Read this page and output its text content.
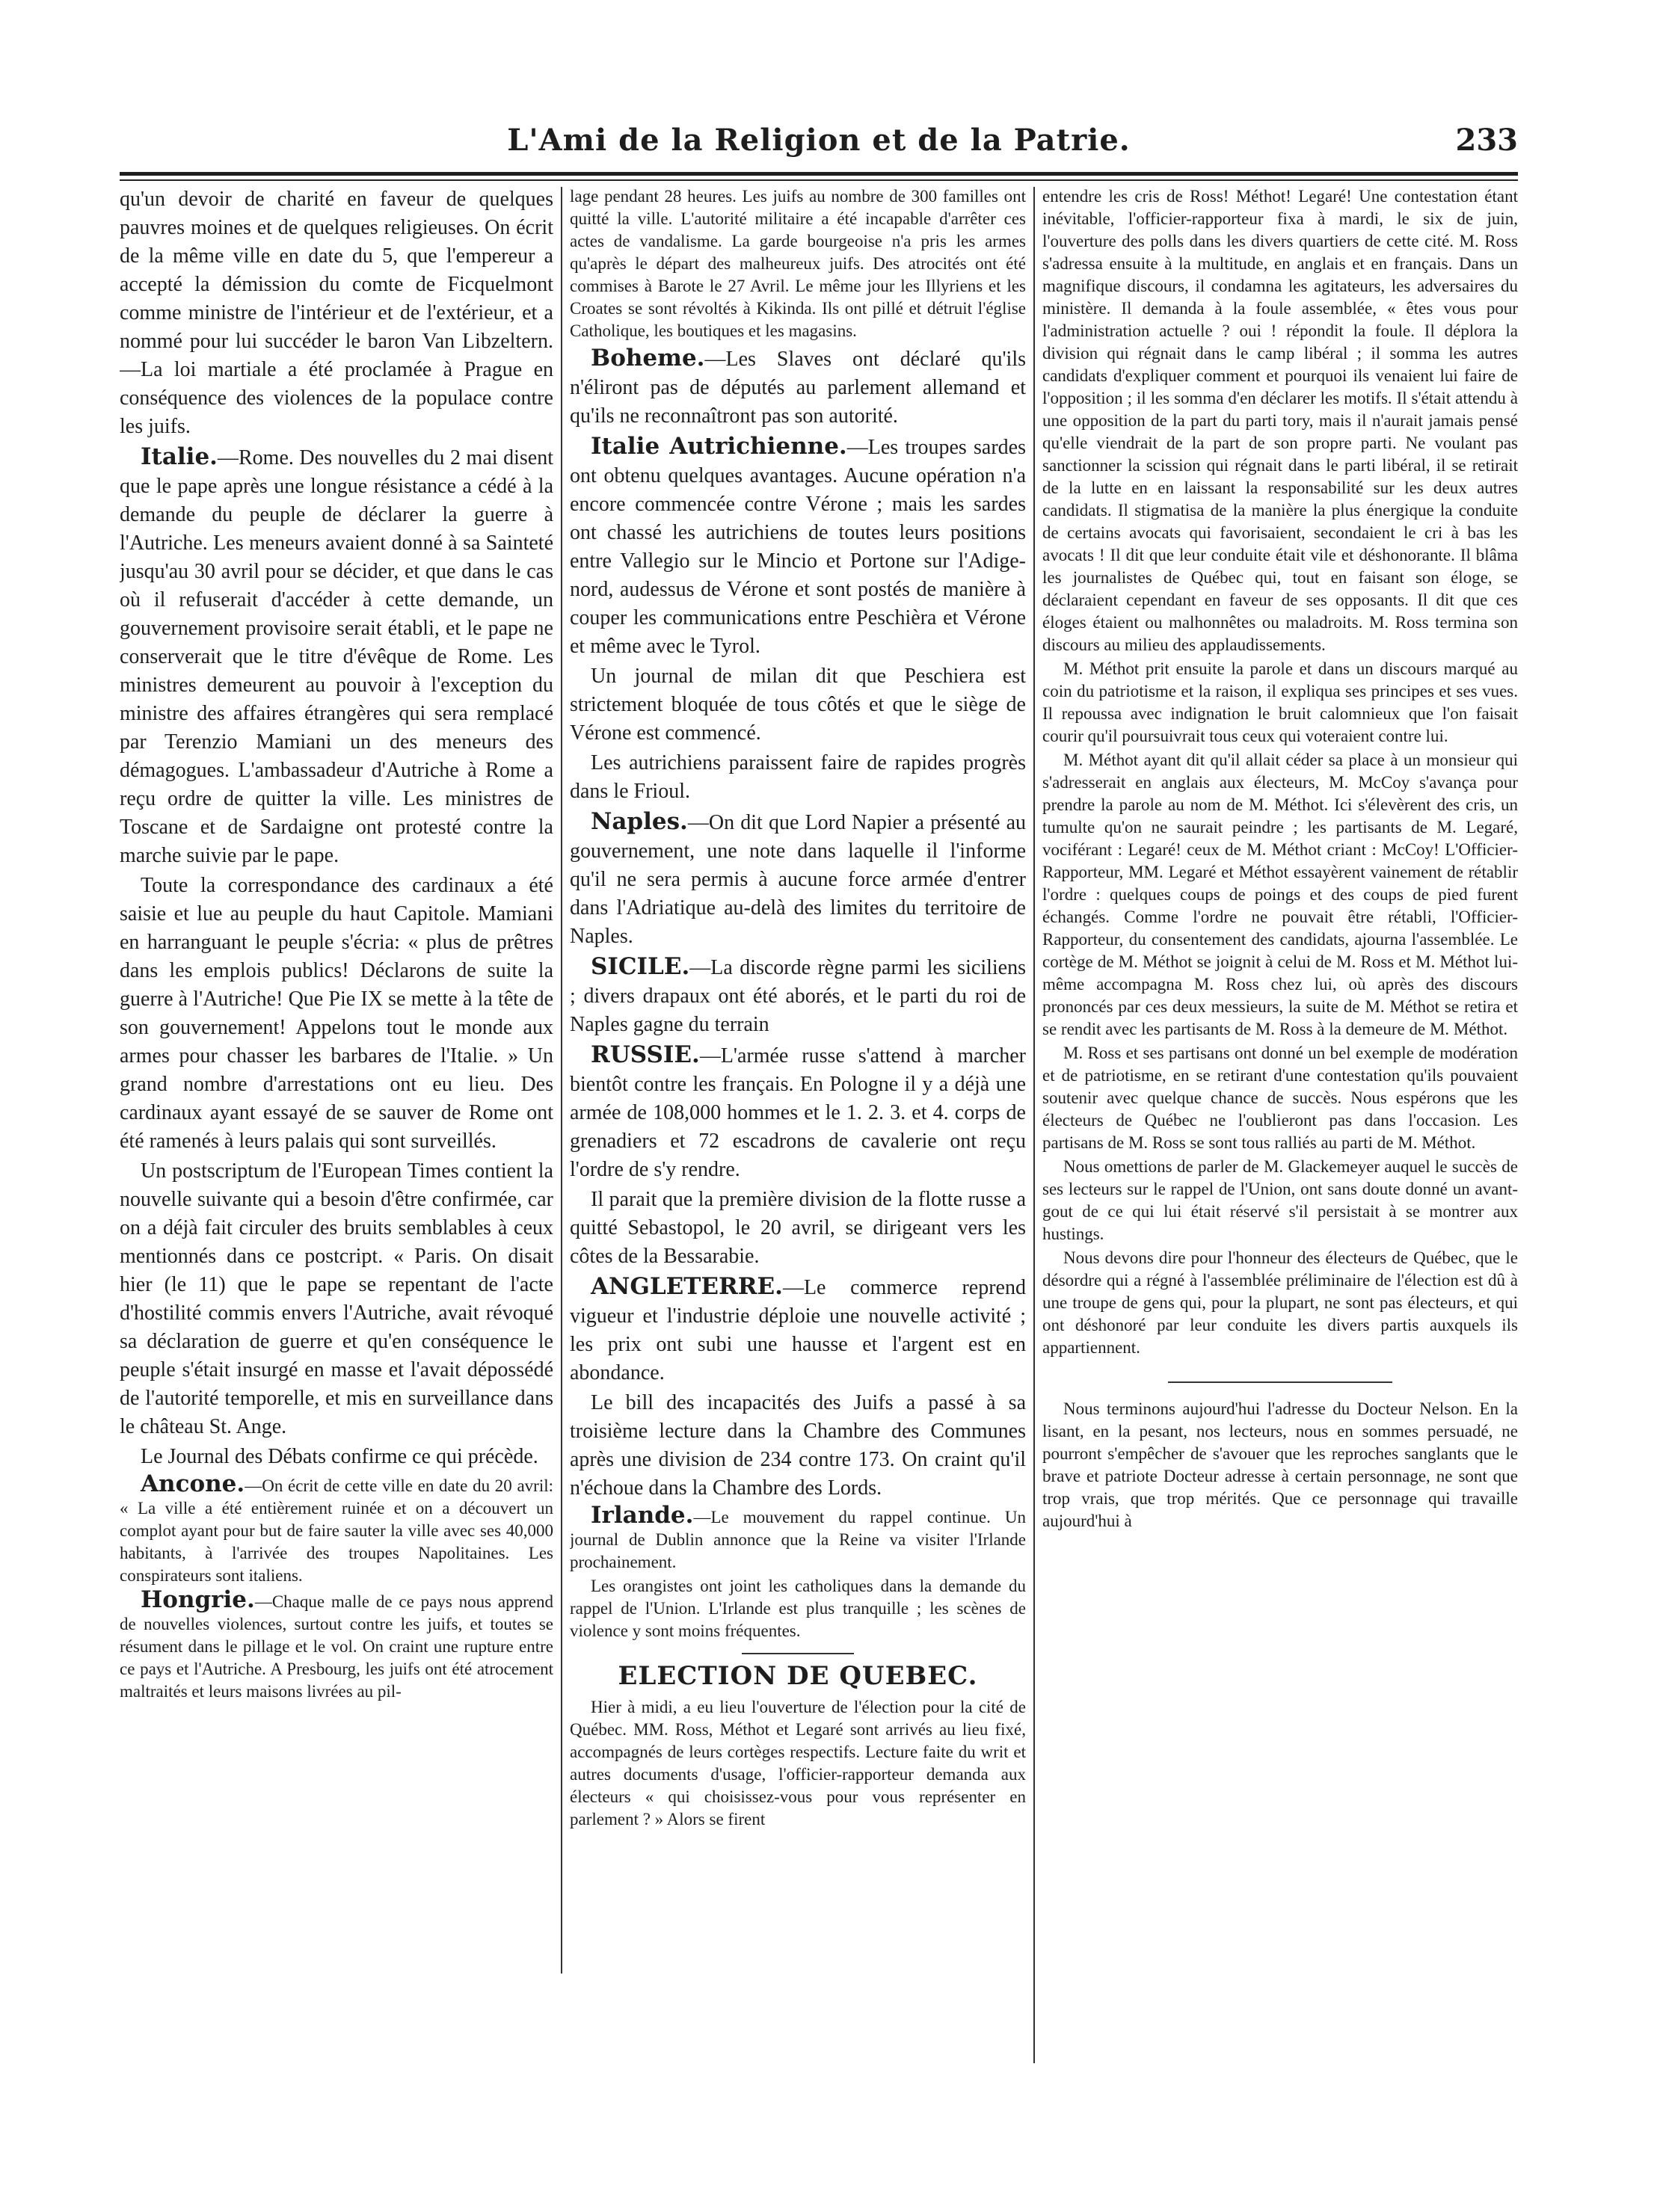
L'Ami de la Religion et de la Patrie.	233

qu'un devoir de charité en faveur de quelques pauvres moines et de quelques religieuses. On écrit de la même ville en date du 5, que l'empereur a accepté la démission du comte de Ficquelmont comme ministre de l'intérieur et de l'extérieur, et a nommé pour lui succéder le baron Van Libzeltern.—La loi martiale a été proclamée à Prague en conséquence des violences de la populace contre les juifs.

Italie.—Rome. Des nouvelles du 2 mai disent que le pape après une longue résistance a cédé à la demande du peuple de déclarer la guerre à l'Autriche. Les meneurs avaient donné à sa Sainteté jusqu'au 30 avril pour se décider, et que dans le cas où il refuserait d'accéder à cette demande, un gouvernement provisoire serait établi, et le pape ne conserverait que le titre d'évêque de Rome. Les ministres demeurent au pouvoir à l'exception du ministre des affaires étrangères qui sera remplacé par Terenzio Mamiani un des meneurs des démagogues. L'ambassadeur d'Autriche à Rome a reçu ordre de quitter la ville. Les ministres de Toscane et de Sardaigne ont protesté contre la marche suivie par le pape.

Toute la correspondance des cardinaux a été saisie et lue au peuple du haut Capitole. Mamiani en harranguant le peuple s'écria: « plus de prêtres dans les emplois publics! Déclarons de suite la guerre à l'Autriche! Que Pie IX se mette à la tête de son gouvernement! Appelons tout le monde aux armes pour chasser les barbares de l'Italie. » Un grand nombre d'arrestations ont eu lieu. Des cardinaux ayant essayé de se sauver de Rome ont été ramenés à leurs palais qui sont surveillés.

Un postscriptum de l'European Times contient la nouvelle suivante qui a besoin d'être confirmée, car on a déjà fait circuler des bruits semblables à ceux mentionnés dans ce postcript. « Paris. On disait hier (le 11) que le pape se repentant de l'acte d'hostilité commis envers l'Autriche, avait révoqué sa déclaration de guerre et qu'en conséquence le peuple s'était insurgé en masse et l'avait dépossédé de l'autorité temporelle, et mis en surveillance dans le château St. Ange.

Le Journal des Débats confirme ce qui précède.

Ancone.—On écrit de cette ville en date du 20 avril: « La ville a été entièrement ruinée et on a découvert un complot ayant pour but de faire sauter la ville avec ses 40,000 habitants, à l'arrivée des troupes Napolitaines. Les conspirateurs sont italiens.

Hongrie.—Chaque malle de ce pays nous apprend de nouvelles violences, surtout contre les juifs, et toutes se résument dans le pillage et le vol. On craint une rupture entre ce pays et l'Autriche. A Presbourg, les juifs ont été atrocement maltraités et leurs maisons livrées au pil-

lage pendant 28 heures. Les juifs au nombre de 300 familles ont quitté la ville. L'autorité militaire a été incapable d'arrêter ces actes de vandalisme. La garde bourgeoise n'a pris les armes qu'après le départ des malheureux juifs. Des atrocités ont été commises à Barote le 27 Avril. Le même jour les Illyriens et les Croates se sont révoltés à Kikinda. Ils ont pillé et détruit l'église Catholique, les boutiques et les magasins.

Boheme.—Les Slaves ont déclaré qu'ils n'éliront pas de députés au parlement allemand et qu'ils ne reconnaîtront pas son autorité.

Italie Autrichienne.—Les troupes sardes ont obtenu quelques avantages. Aucune opération n'a encore commencée contre Vérone ; mais les sardes ont chassé les autrichiens de toutes leurs positions entre Vallegio sur le Mincio et Portone sur l'Adige-nord, audessus de Vérone et sont postés de manière à couper les communications entre Peschièra et Vérone et même avec le Tyrol.

Un journal de milan dit que Peschiera est strictement bloquée de tous côtés et que le siège de Vérone est commencé.

Les autrichiens paraissent faire de rapides progrès dans le Frioul.

Naples.—On dit que Lord Napier a présenté au gouvernement, une note dans laquelle il l'informe qu'il ne sera permis à aucune force armée d'entrer dans l'Adriatique au-delà des limites du territoire de Naples.

SICILE.—La discorde règne parmi les siciliens ; divers drapaux ont été aborés, et le parti du roi de Naples gagne du terrain

RUSSIE.—L'armée russe s'attend à marcher bientôt contre les français. En Pologne il y a déjà une armée de 108,000 hommes et le 1. 2. 3. et 4. corps de grenadiers et 72 escadrons de cavalerie ont reçu l'ordre de s'y rendre.

Il parait que la première division de la flotte russe a quitté Sebastopol, le 20 avril, se dirigeant vers les côtes de la Bessarabie.

ANGLETERRE.—Le commerce reprend vigueur et l'industrie déploie une nouvelle activité ; les prix ont subi une hausse et l'argent est en abondance.

Le bill des incapacités des Juifs a passé à sa troisième lecture dans la Chambre des Communes après une division de 234 contre 173. On craint qu'il n'échoue dans la Chambre des Lords.

Irlande.—Le mouvement du rappel continue. Un journal de Dublin annonce que la Reine va visiter l'Irlande prochainement.

Les orangistes ont joint les catholiques dans la demande du rappel de l'Union. L'Irlande est plus tranquille ; les scènes de violence y sont moins fréquentes.

ELECTION DE QUEBEC.

Hier à midi, a eu lieu l'ouverture de l'élection pour la cité de Québec. MM. Ross, Méthot et Legaré sont arrivés au lieu fixé, accompagnés de leurs cortèges respectifs. Lecture faite du writ et autres documents d'usage, l'officier-rapporteur demanda aux électeurs « qui choisissez-vous pour vous représenter en parlement ? » Alors se firent

entendre les cris de Ross! Méthot! Legaré! Une contestation étant inévitable, l'officier-rapporteur fixa à mardi, le six de juin, l'ouverture des polls dans les divers quartiers de cette cité. M. Ross s'adressa ensuite à la multitude, en anglais et en français. Dans un magnifique discours, il condamna les agitateurs, les adversaires du ministère. Il demanda à la foule assemblée, « êtes vous pour l'administration actuelle ? oui ! répondit la foule. Il déplora la division qui régnait dans le camp libéral ; il somma les autres candidats d'expliquer comment et pourquoi ils venaient lui faire de l'opposition ; il les somma d'en déclarer les motifs. Il s'était attendu à une opposition de la part du parti tory, mais il n'aurait jamais pensé qu'elle viendrait de la part de son propre parti. Ne voulant pas sanctionner la scission qui régnait dans le parti libéral, il se retirait de la lutte en en laissant la responsabilité sur les deux autres candidats. Il stigmatisa de la manière la plus énergique la conduite de certains avocats qui favorisaient, secondaient le cri à bas les avocats ! Il dit que leur conduite était vile et déshonorante. Il blâma les journalistes de Québec qui, tout en faisant son éloge, se déclaraient cependant en faveur de ses opposants. Il dit que ces éloges étaient ou malhonnêtes ou maladroits. M. Ross termina son discours au milieu des applaudissements.

M. Méthot prit ensuite la parole et dans un discours marqué au coin du patriotisme et la raison, il expliqua ses principes et ses vues. Il repoussa avec indignation le bruit calomnieux que l'on faisait courir qu'il poursuivrait tous ceux qui voteraient contre lui.

M. Méthot ayant dit qu'il allait céder sa place à un monsieur qui s'adresserait en anglais aux électeurs, M. McCoy s'avança pour prendre la parole au nom de M. Méthot. Ici s'élevèrent des cris, un tumulte qu'on ne saurait peindre ; les partisants de M. Legaré, vociférant : Legaré! ceux de M. Méthot criant : McCoy! L'Officier-Rapporteur, MM. Legaré et Méthot essayèrent vainement de rétablir l'ordre : quelques coups de poings et des coups de pied furent échangés. Comme l'ordre ne pouvait être rétabli, l'Officier-Rapporteur, du consentement des candidats, ajourna l'assemblée. Le cortège de M. Méthot se joignit à celui de M. Ross et M. Méthot lui-même accompagna M. Ross chez lui, où après des discours prononcés par ces deux messieurs, la suite de M. Méthot se retira et se rendit avec les partisants de M. Ross à la demeure de M. Méthot.

M. Ross et ses partisans ont donné un bel exemple de modération et de patriotisme, en se retirant d'une contestation qu'ils pouvaient soutenir avec quelque chance de succès. Nous espérons que les électeurs de Québec ne l'oublieront pas dans l'occasion. Les partisans de M. Ross se sont tous ralliés au parti de M. Méthot.

Nous omettions de parler de M. Glackemeyer auquel le succès de ses lecteurs sur le rappel de l'Union, ont sans doute donné un avant-gout de ce qui lui était réservé s'il persistait à se montrer aux hustings.

Nous devons dire pour l'honneur des électeurs de Québec, que le désordre qui a régné à l'assemblée préliminaire de l'élection est dû à une troupe de gens qui, pour la plupart, ne sont pas électeurs, et qui ont déshonoré par leur conduite les divers partis auxquels ils appartiennent.

Nous terminons aujourd'hui l'adresse du Docteur Nelson. En la lisant, en la pesant, nos lecteurs, nous en sommes persuadé, ne pourront s'empêcher de s'avouer que les reproches sanglants que le brave et patriote Docteur adresse à certain personnage, ne sont que trop vrais, que trop mérités. Que ce personnage qui travaille aujourd'hui à
